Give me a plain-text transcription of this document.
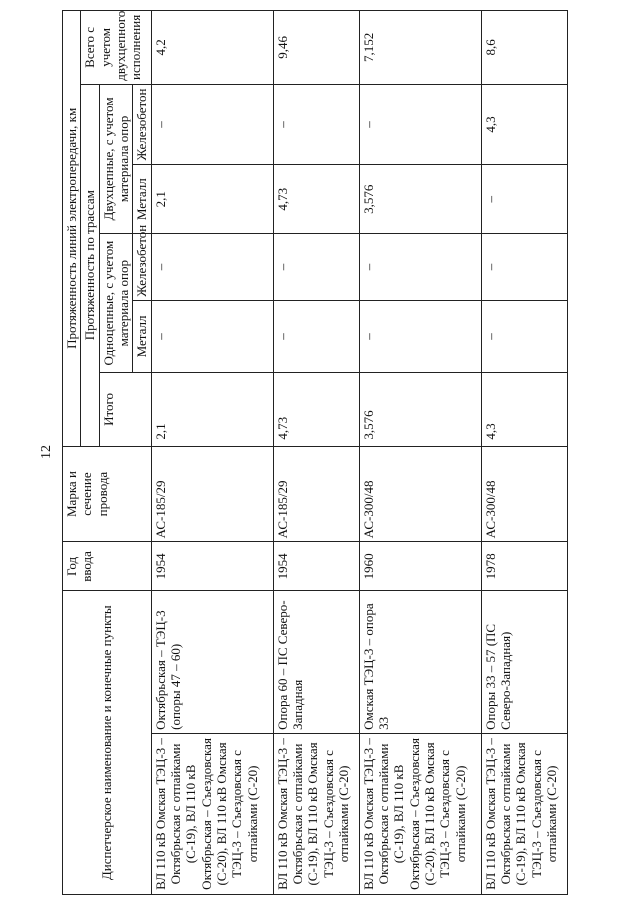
12
Диспетчерское наименование и конечные пункты		Год ввода	Марка и сечение провода	Протяженность линий электропередачи, км					
				Протяженность по трассам					Всего с учетом двухцепного исполнения
				Итого	Одноцепные, с учетом материала опор		Двухцепные, с учетом материала опор		
					Металл	Железобетон	Металл	Железобетон	
ВЛ 110 кВ Омская ТЭЦ-3 – Октябрьская с отпайками (С-19), ВЛ 110 кВ Октябрьская – Съездовская (С-20), ВЛ 110 кВ Омская ТЭЦ-3 – Съездовская с отпайками (С-20)	Октябрьская – ТЭЦ-3 (опоры 47 – 60)	1954	АС-185/29	2,1	–	–	2,1	–	4,2
ВЛ 110 кВ Омская ТЭЦ-3 – Октябрьская с отпайками (С-19), ВЛ 110 кВ Омская ТЭЦ-3 – Съездовская с отпайками (С-20)	Опора 60 – ПС Северо-Западная	1954	АС-185/29	4,73	–	–	4,73	–	9,46
ВЛ 110 кВ Омская ТЭЦ-3 – Октябрьская с отпайками (С-19), ВЛ 110 кВ Октябрьская – Съездовская (С-20), ВЛ 110 кВ Омская ТЭЦ-3 – Съездовская с отпайками (С-20)	Омская ТЭЦ-3 – опора 33	1960	АС-300/48	3,576	–	–	3,576	–	7,152
ВЛ 110 кВ Омская ТЭЦ-3 – Октябрьская с отпайками (С-19), ВЛ 110 кВ Омская ТЭЦ-3 – Съездовская с отпайками (С-20)	Опоры 33 – 57 (ПС Северо-Западная)	1978	АС-300/48	4,3	–	–	–	4,3	8,6
